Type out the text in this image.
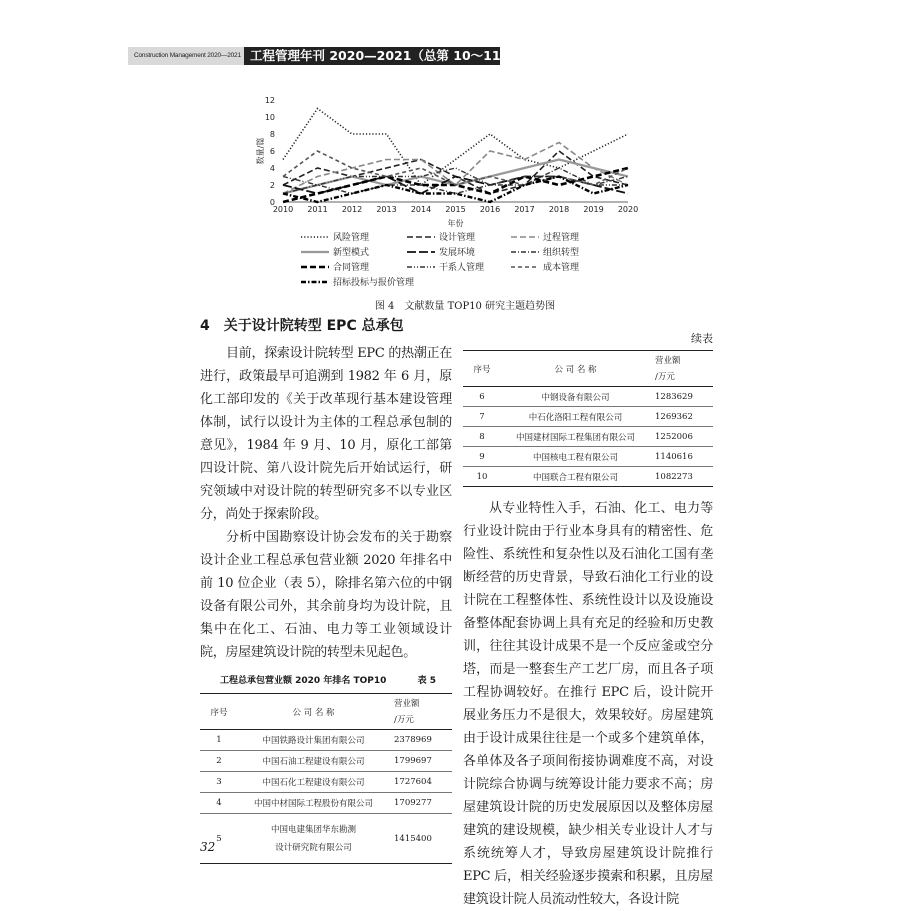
Construction Management 2020—2021 工程管理年刊 2020—2021（总第 10～11 卷）
0
2
4
6
8
10
12
2010 2011 2012 2013 2014 2015 2016 2017 2018 2019 2020
年份
数量/篇
风险管理	设计管理	过程管理
新型模式	发展环境	组织转型
合同管理	干系人管理	成本管理
招标投标与报价管理
图 4　文献数量 TOP10 研究主题趋势图
4　关于设计院转型 EPC 总承包

目前，探索设计院转型 EPC 的热潮正在进行，政策最早可追溯到 1982 年 6 月，原化工部印发的《关于改革现行基本建设管理体制，试行以设计为主体的工程总承包制的意见》，1984 年 9 月、10 月，原化工部第四设计院、第八设计院先后开始试运行，研究领域中对设计院的转型研究多不以专业区分，尚处于探索阶段。

分析中国勘察设计协会发布的关于勘察设计企业工程总承包营业额 2020 年排名中前 10 位企业（表 5），除排名第六位的中钢设备有限公司外，其余前身均为设计院，且集中在化工、石油、电力等工业领域设计院，房屋建筑设计院的转型未见起色。

工程总承包营业额 2020 年排名 TOP10	表 5
序号	公 司 名 称	营业额
/万元
1	中国铁路设计集团有限公司	2378969
2	中国石油工程建设有限公司	1799697
3	中国石化工程建设有限公司	1727604
4	中国中材国际工程股份有限公司	1709277
5	中国电建集团华东勘测
设计研究院有限公司	1415400
续表
序号	公 司 名 称	营业额
/万元
6	中钢设备有限公司	1283629
7	中石化洛阳工程有限公司	1269362
8	中国建材国际工程集团有限公司	1252006
9	中国核电工程有限公司	1140616
10	中国联合工程有限公司	1082273

从专业特性入手，石油、化工、电力等行业设计院由于行业本身具有的精密性、危险性、系统性和复杂性以及石油化工国有垄断经营的历史背景，导致石油化工行业的设计院在工程整体性、系统性设计以及设施设备整体配套协调上具有充足的经验和历史教训，往往其设计成果不是一个反应釜或空分塔，而是一整套生产工艺厂房，而且各子项工程协调较好。在推行 EPC 后，设计院开展业务压力不是很大，效果较好。房屋建筑由于设计成果往往是一个或多个建筑单体，各单体及各子项间衔接协调难度不高，对设计院综合协调与统筹设计能力要求不高；房屋建筑设计院的历史发展原因以及整体房屋建筑的建设规模，缺少相关专业设计人才与系统统筹人才，导致房屋建筑设计院推行 EPC 后，相关经验逐步摸索和积累，且房屋建筑设计院人员流动性较大，各设计院

32
